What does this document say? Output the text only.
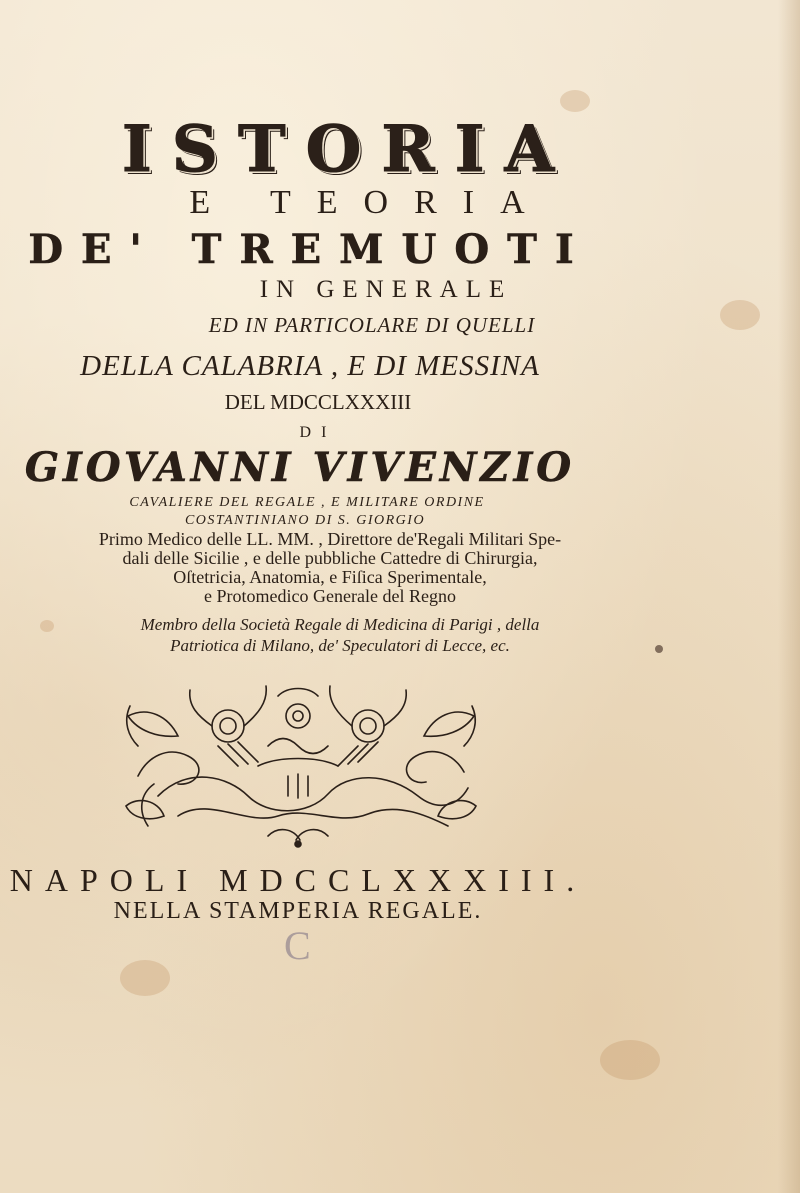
ISTORIA
E TEORIA
DE' TREMUOTI
IN GENERALE
ED IN PARTICOLARE DI QUELLI
DELLA CALABRIA , E DI MESSINA
DEL MDCCLXXXIII
DI
GIOVANNI VIVENZIO
CAVALIERE DEL REGALE , E MILITARE ORDINE
COSTANTINIANO DI S. GIORGIO
Primo Medico delle LL. MM. , Direttore de'Regali Militari Spe-
dali delle Sicilie , e delle pubbliche Cattedre di Chirurgia,
Oſtetricia, Anatomia, e Fiſica Sperimentale,
e Protomedico Generale del Regno
Membro della Società Regale di Medicina di Parigi , della
Patriotica di Milano, de' Speculatori di Lecce, ec.
NAPOLI MDCCLXXXIII.
NELLA STAMPERIA REGALE.
C
